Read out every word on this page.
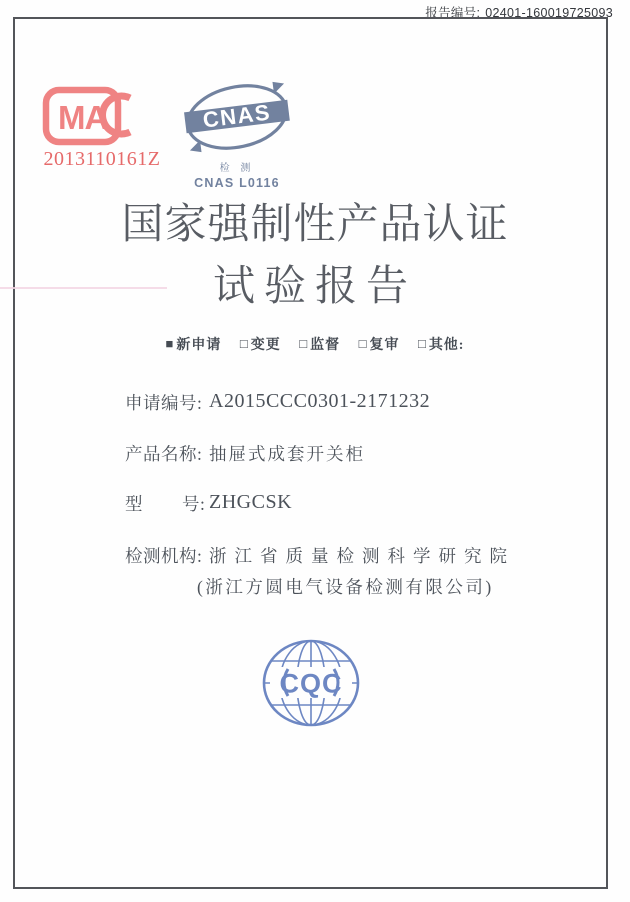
报告编号: 02401-160019725093
MA
2013110161Z
CNAS
检 测
CNAS L0116
国家强制性产品认证
试验报告
■ 新申请 □ 变更 □ 监督 □ 复审 □ 其他:
申请编号: A2015CCC0301-2171232
产品名称: 抽屉式成套开关柜
型        号: ZHGCSK
检测机构: 浙江省质量检测科学研究院
(浙江方圆电气设备检测有限公司)
CQC
